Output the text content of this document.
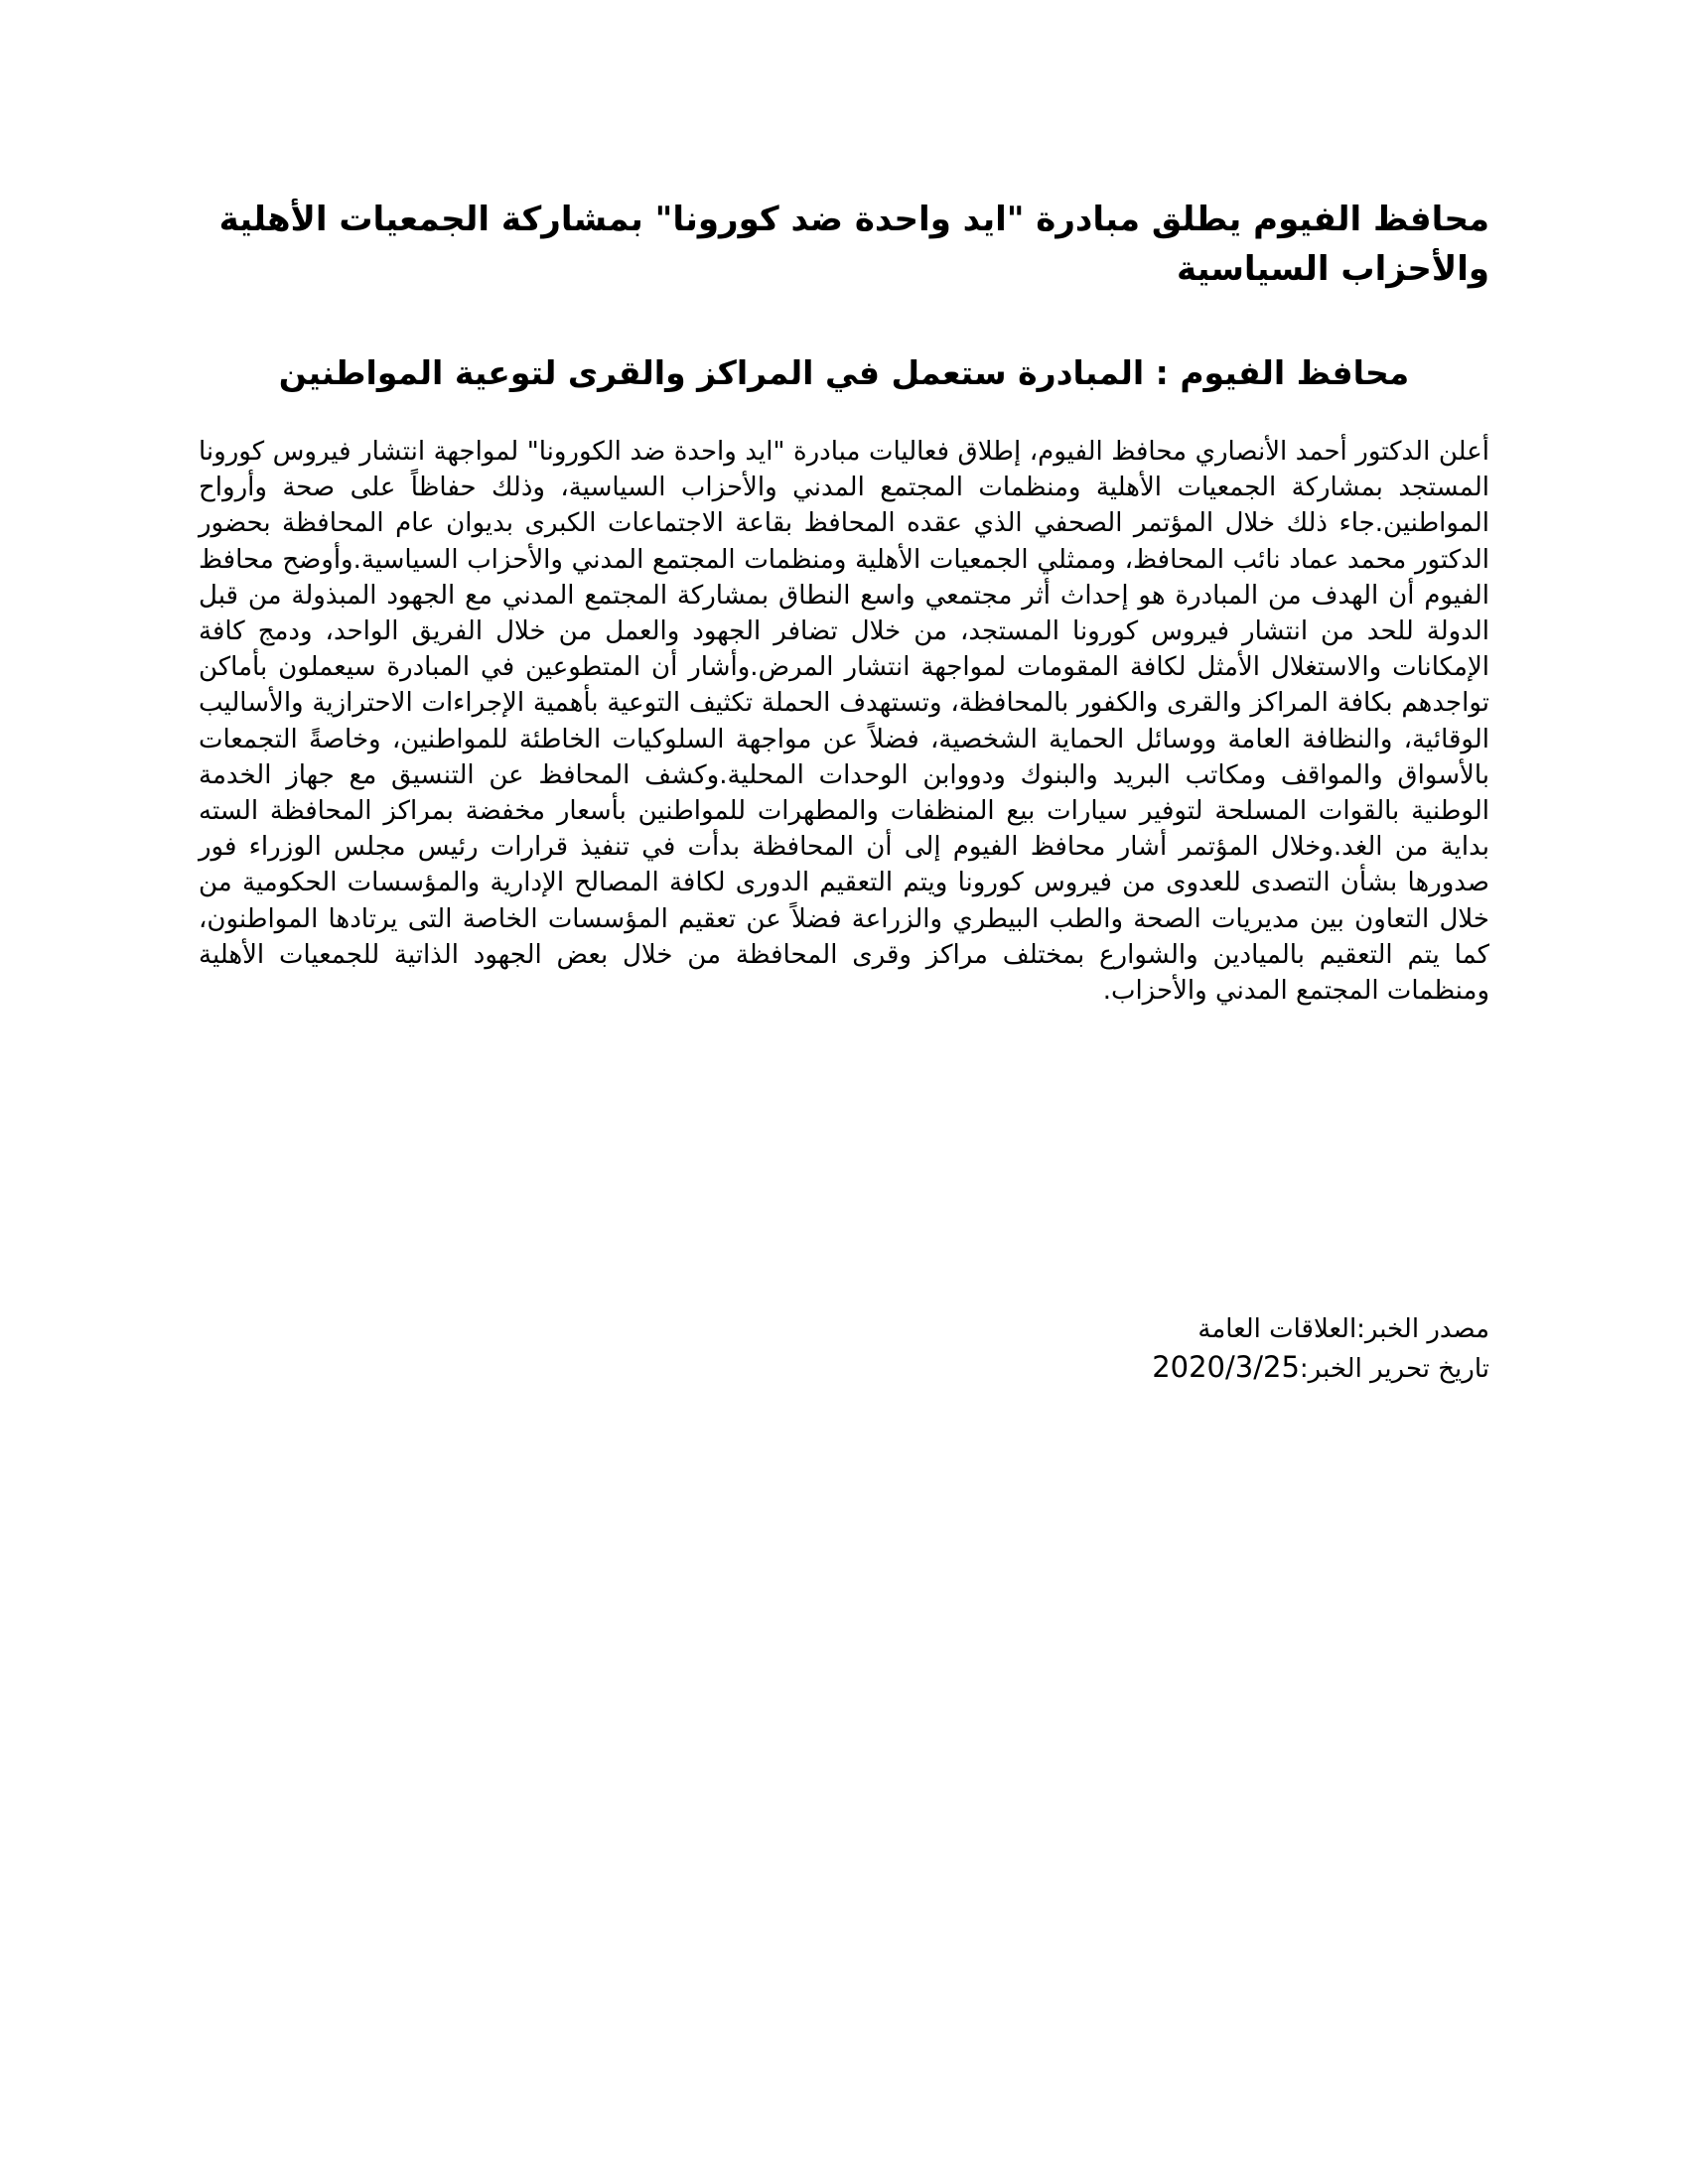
محافظ الفيوم يطلق مبادرة "ايد واحدة ضد كورونا" بمشاركة الجمعيات الأهلية والأحزاب السياسية
محافظ الفيوم : المبادرة ستعمل في المراكز والقرى لتوعية المواطنين

أعلن الدكتور أحمد الأنصاري محافظ الفيوم، إطلاق فعاليات مبادرة "ايد واحدة ضد الكورونا" لمواجهة انتشار فيروس كورونا المستجد بمشاركة الجمعيات الأهلية ومنظمات المجتمع المدني والأحزاب السياسية، وذلك حفاظاً على صحة وأرواح المواطنين.جاء ذلك خلال المؤتمر الصحفي الذي عقده المحافظ بقاعة الاجتماعات الكبرى بديوان عام المحافظة بحضور الدكتور محمد عماد نائب المحافظ، وممثلي الجمعيات الأهلية ومنظمات المجتمع المدني والأحزاب السياسية.وأوضح محافظ الفيوم أن الهدف من المبادرة هو إحداث أثر مجتمعي واسع النطاق بمشاركة المجتمع المدني مع الجهود المبذولة من قبل الدولة للحد من انتشار فيروس كورونا المستجد، من خلال تضافر الجهود والعمل من خلال الفريق الواحد، ودمج كافة الإمكانات والاستغلال الأمثل لكافة المقومات لمواجهة انتشار المرض.وأشار أن المتطوعين في المبادرة سيعملون بأماكن تواجدهم بكافة المراكز والقرى والكفور بالمحافظة، وتستهدف الحملة تكثيف التوعية بأهمية الإجراءات الاحترازية والأساليب الوقائية، والنظافة العامة ووسائل الحماية الشخصية، فضلاً عن مواجهة السلوكيات الخاطئة للمواطنين، وخاصةً التجمعات بالأسواق والمواقف ومكاتب البريد والبنوك ودووابن الوحدات المحلية.وكشف المحافظ عن التنسيق مع جهاز الخدمة الوطنية بالقوات المسلحة لتوفير سيارات بيع المنظفات والمطهرات للمواطنين بأسعار مخفضة بمراكز المحافظة السته بداية من الغد.وخلال المؤتمر أشار محافظ الفيوم إلى أن المحافظة بدأت في تنفيذ قرارات رئيس مجلس الوزراء فور صدورها بشأن التصدى للعدوى من فيروس كورونا ويتم التعقيم الدورى لكافة المصالح الإدارية والمؤسسات الحكومية من خلال التعاون بين مديريات الصحة والطب البيطري والزراعة فضلاً عن تعقيم المؤسسات الخاصة التى يرتادها المواطنون، كما يتم التعقيم بالميادين والشوارع بمختلف مراكز وقرى المحافظة من خلال بعض الجهود الذاتية للجمعيات الأهلية ومنظمات المجتمع المدني والأحزاب.

مصدر الخبر:العلاقات العامة
تاريخ تحرير الخبر:2020/3/25
